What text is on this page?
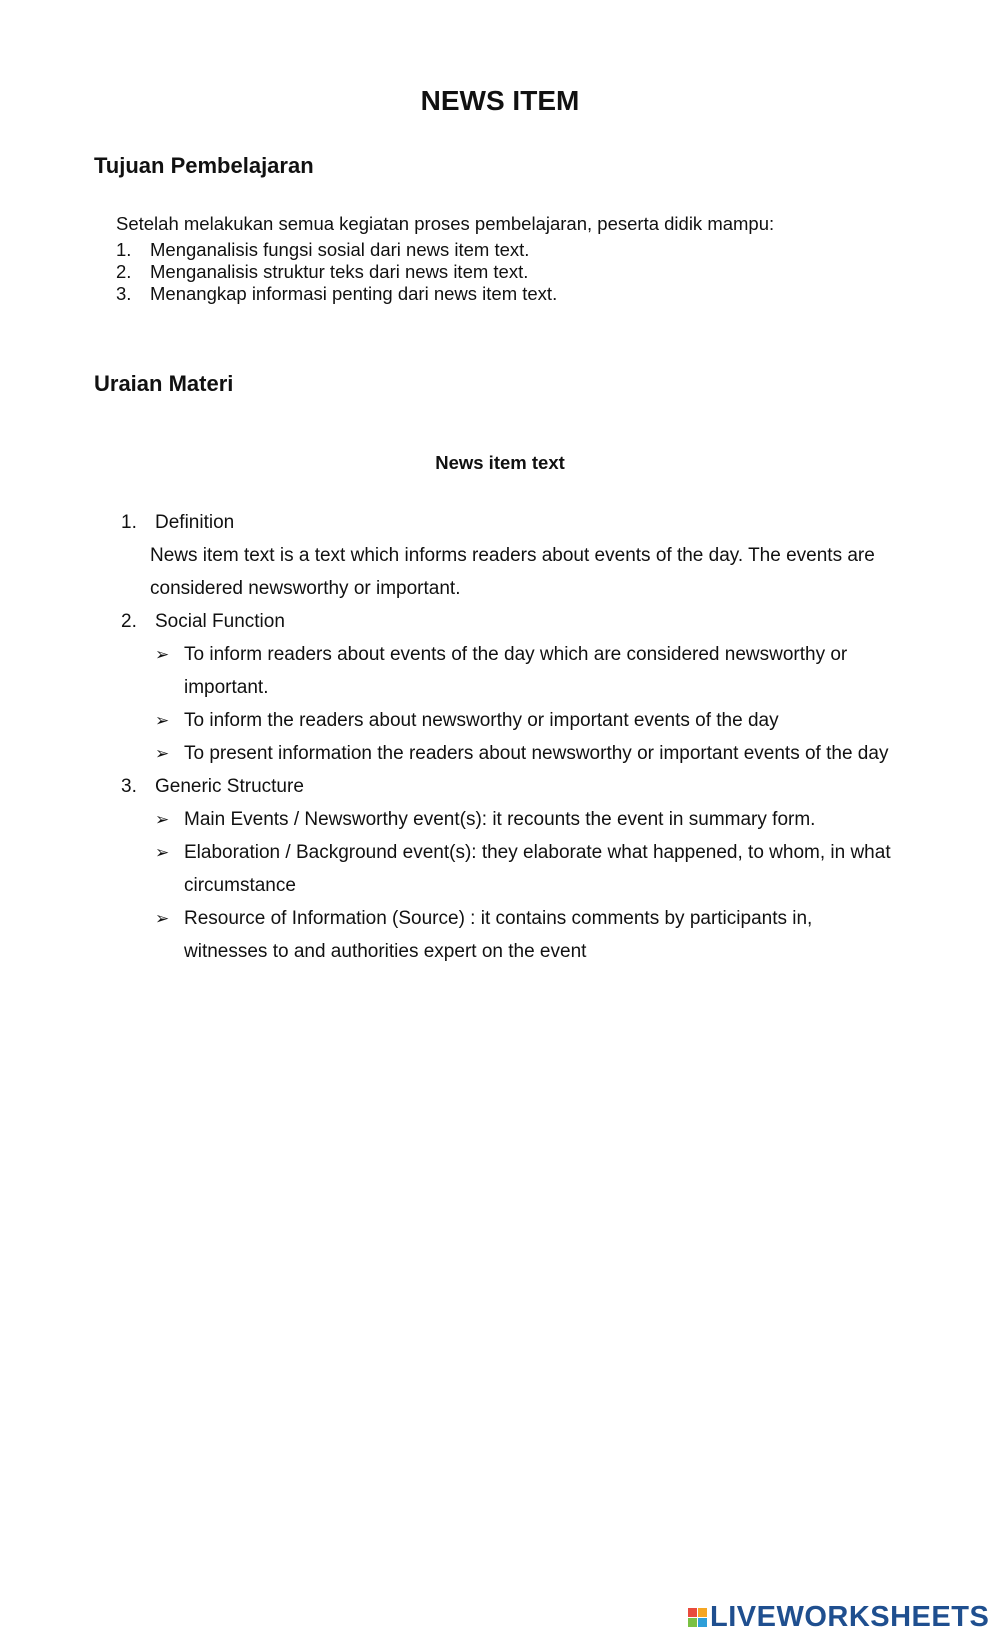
NEWS ITEM
Tujuan Pembelajaran
Setelah melakukan semua kegiatan proses pembelajaran, peserta didik mampu:
1. Menganalisis fungsi sosial dari news item text.
2. Menganalisis struktur teks dari news item text.
3. Menangkap informasi penting dari news item text.
Uraian Materi
News item text
1. Definition
News item text is a text which informs readers about events of the day. The events are
considered newsworthy or important.
2. Social Function
➢ To inform readers about events of the day which are considered newsworthy or
important.
➢ To inform the readers about newsworthy or important events of the day
➢ To present information the readers about newsworthy or important events of the day
3. Generic Structure
➢ Main Events / Newsworthy event(s): it recounts the event in summary form.
➢ Elaboration / Background event(s): they elaborate what happened, to whom, in what
circumstance
➢ Resource of Information (Source) : it contains comments by participants in,
witnesses to and authorities expert on the event
LIVEWORKSHEETS
